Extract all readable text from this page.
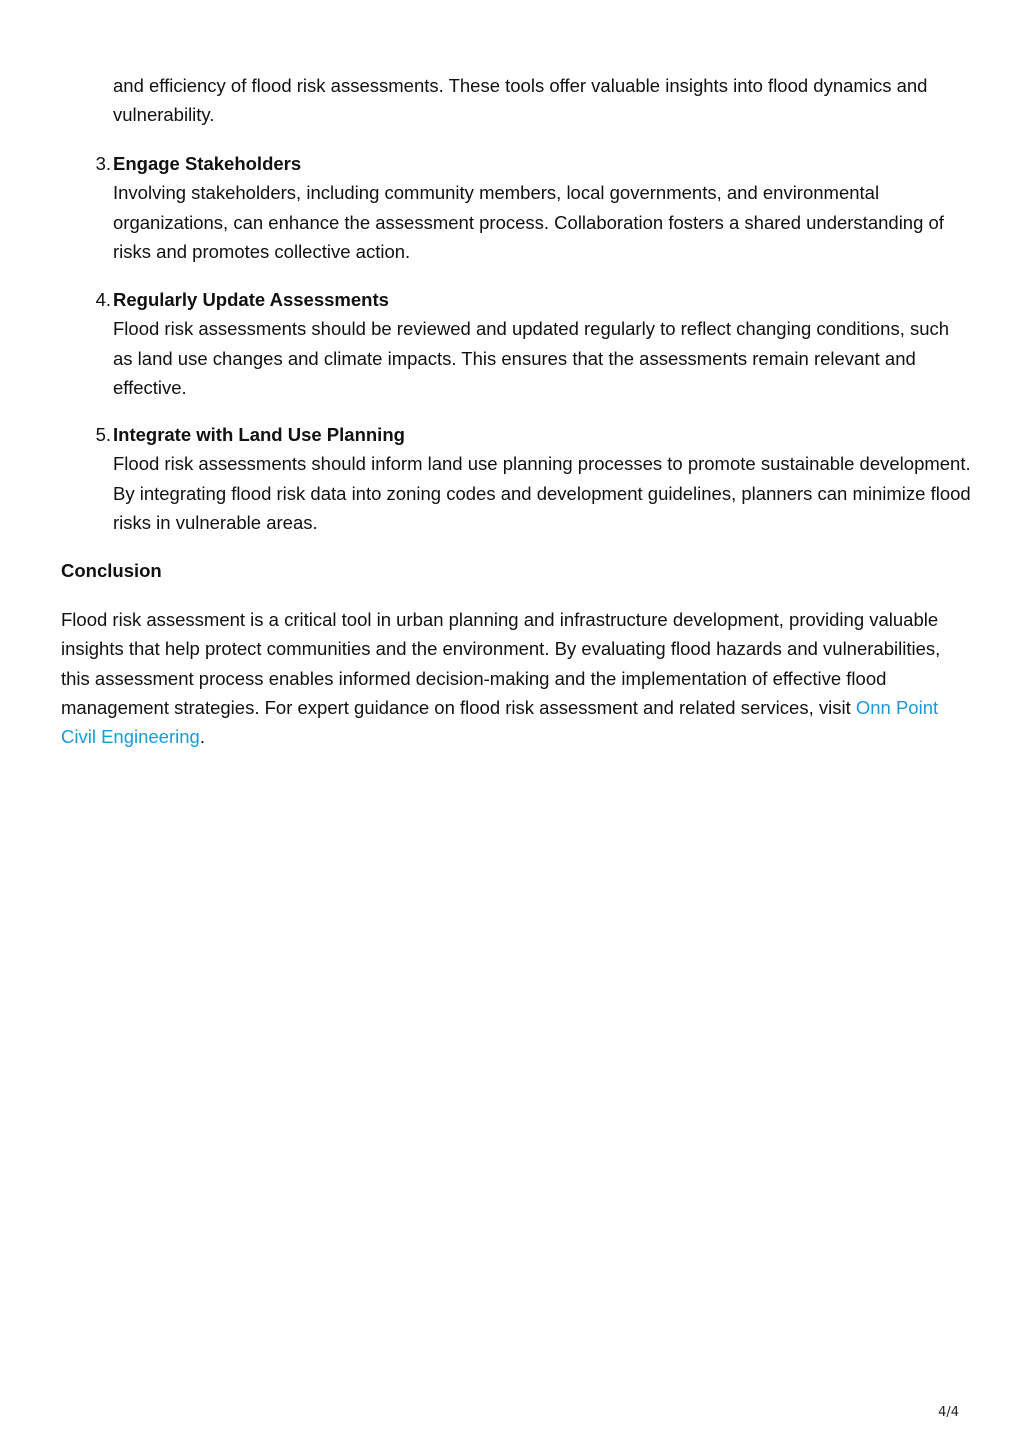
and efficiency of flood risk assessments. These tools offer valuable insights into flood dynamics and vulnerability.
3. Engage Stakeholders
Involving stakeholders, including community members, local governments, and environmental organizations, can enhance the assessment process. Collaboration fosters a shared understanding of risks and promotes collective action.
4. Regularly Update Assessments
Flood risk assessments should be reviewed and updated regularly to reflect changing conditions, such as land use changes and climate impacts. This ensures that the assessments remain relevant and effective.
5. Integrate with Land Use Planning
Flood risk assessments should inform land use planning processes to promote sustainable development. By integrating flood risk data into zoning codes and development guidelines, planners can minimize flood risks in vulnerable areas.
Conclusion
Flood risk assessment is a critical tool in urban planning and infrastructure development, providing valuable insights that help protect communities and the environment. By evaluating flood hazards and vulnerabilities, this assessment process enables informed decision-making and the implementation of effective flood management strategies. For expert guidance on flood risk assessment and related services, visit Onn Point Civil Engineering.
4/4
